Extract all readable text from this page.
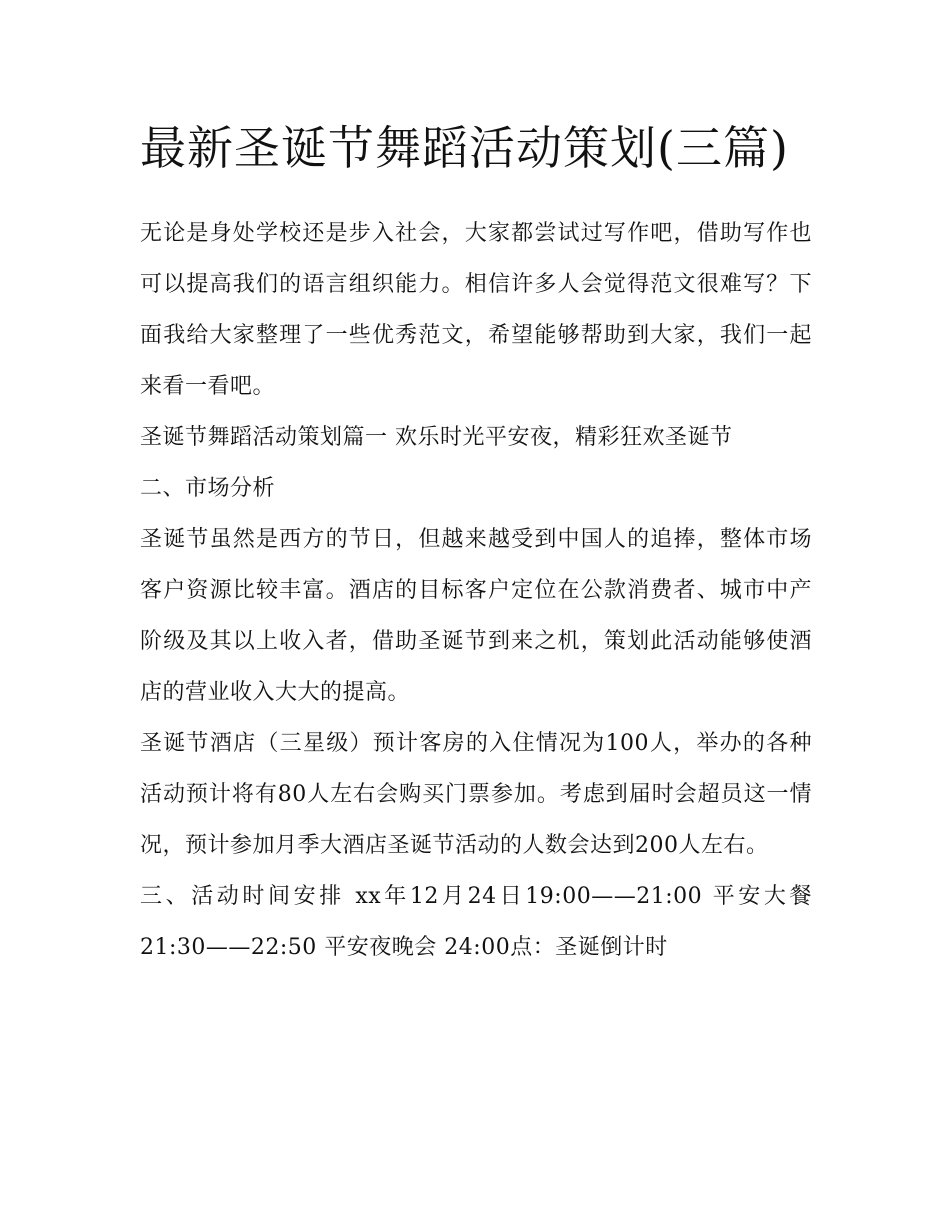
最新圣诞节舞蹈活动策划(三篇)

无论是身处学校还是步入社会，大家都尝试过写作吧，借助写作也可以提高我们的语言组织能力。相信许多人会觉得范文很难写？下面我给大家整理了一些优秀范文，希望能够帮助到大家，我们一起来看一看吧。

圣诞节舞蹈活动策划篇一 欢乐时光平安夜，精彩狂欢圣诞节

二、市场分析

圣诞节虽然是西方的节日，但越来越受到中国人的追捧，整体市场客户资源比较丰富。酒店的目标客户定位在公款消费者、城市中产阶级及其以上收入者，借助圣诞节到来之机，策划此活动能够使酒店的营业收入大大的提高。

圣诞节酒店（三星级）预计客房的入住情况为100人，举办的各种活动预计将有80人左右会购买门票参加。考虑到届时会超员这一情况，预计参加月季大酒店圣诞节活动的人数会达到200人左右。

三、活动时间安排 xx年12月24日19:00——21:00 平安大餐 21:30——22:50 平安夜晚会 24:00点：圣诞倒计时
